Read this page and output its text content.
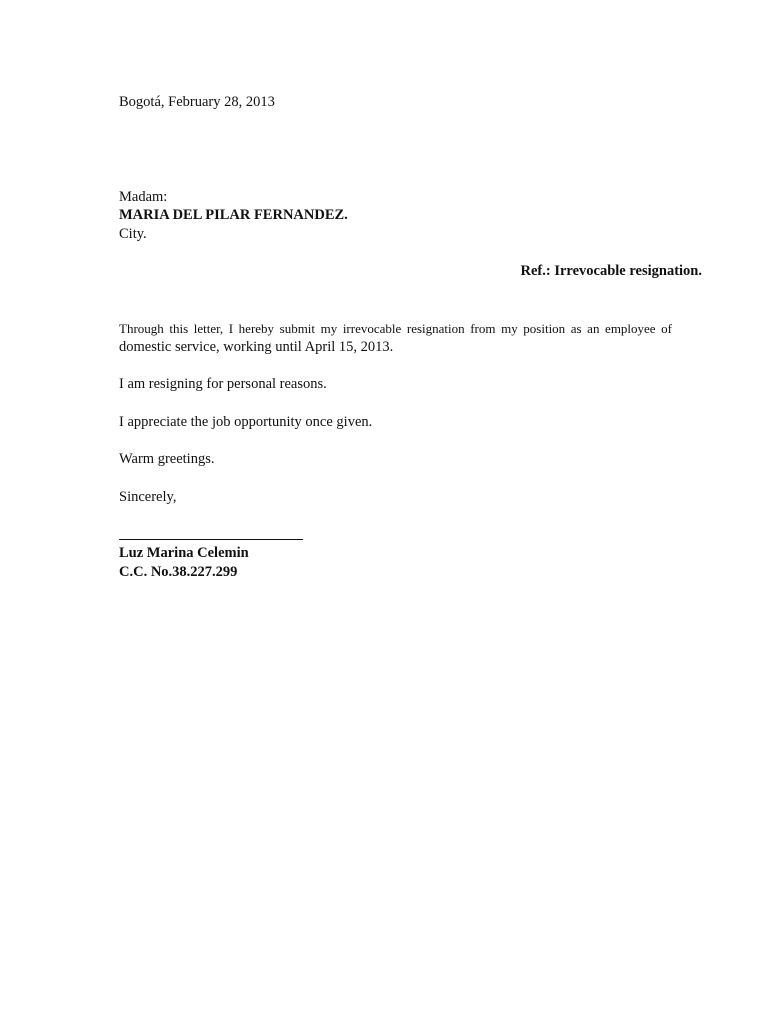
Bogotá, February 28, 2013
Madam:
MARIA DEL PILAR FERNANDEZ.
City.
Ref.: Irrevocable resignation.
Through this letter, I hereby submit my irrevocable resignation from my position as an employee of
domestic service, working until April 15, 2013.
I am resigning for personal reasons.
I appreciate the job opportunity once given.
Warm greetings.
Sincerely,
Luz Marina Celemin
C.C. No.38.227.299
